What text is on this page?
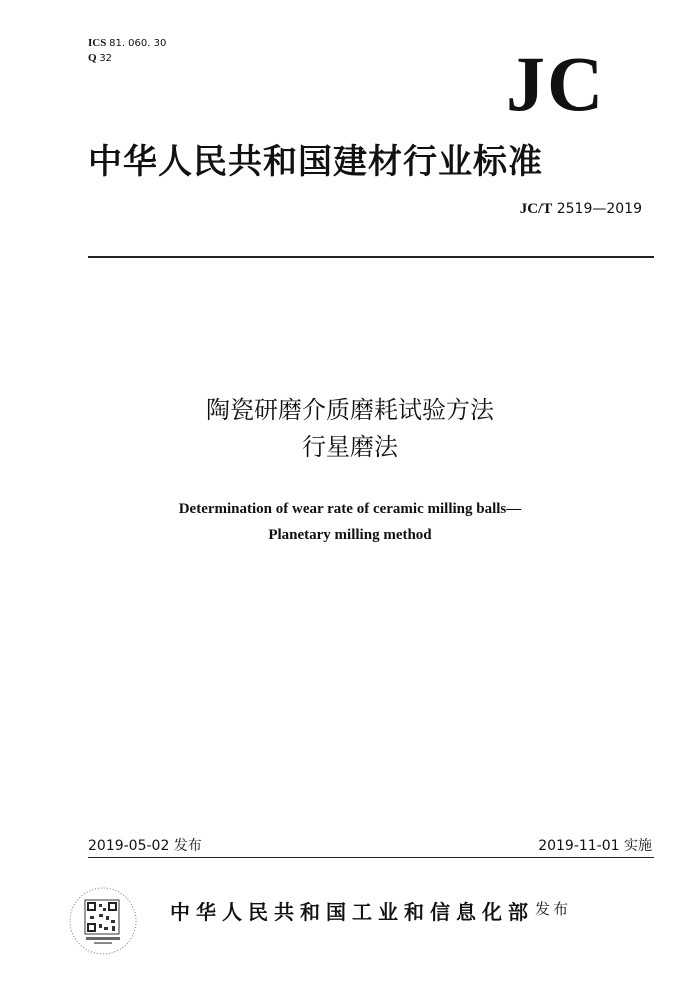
ICS 81. 060. 30
Q 32	JC
中华人民共和国建材行业标准
JC/T 2519—2019
陶瓷研磨介质磨耗试验方法
行星磨法
Determination of wear rate of ceramic milling balls—
Planetary milling method
2019-05-02 发布	2019-11-01 实施
中华人民共和国工业和信息化部 发布
